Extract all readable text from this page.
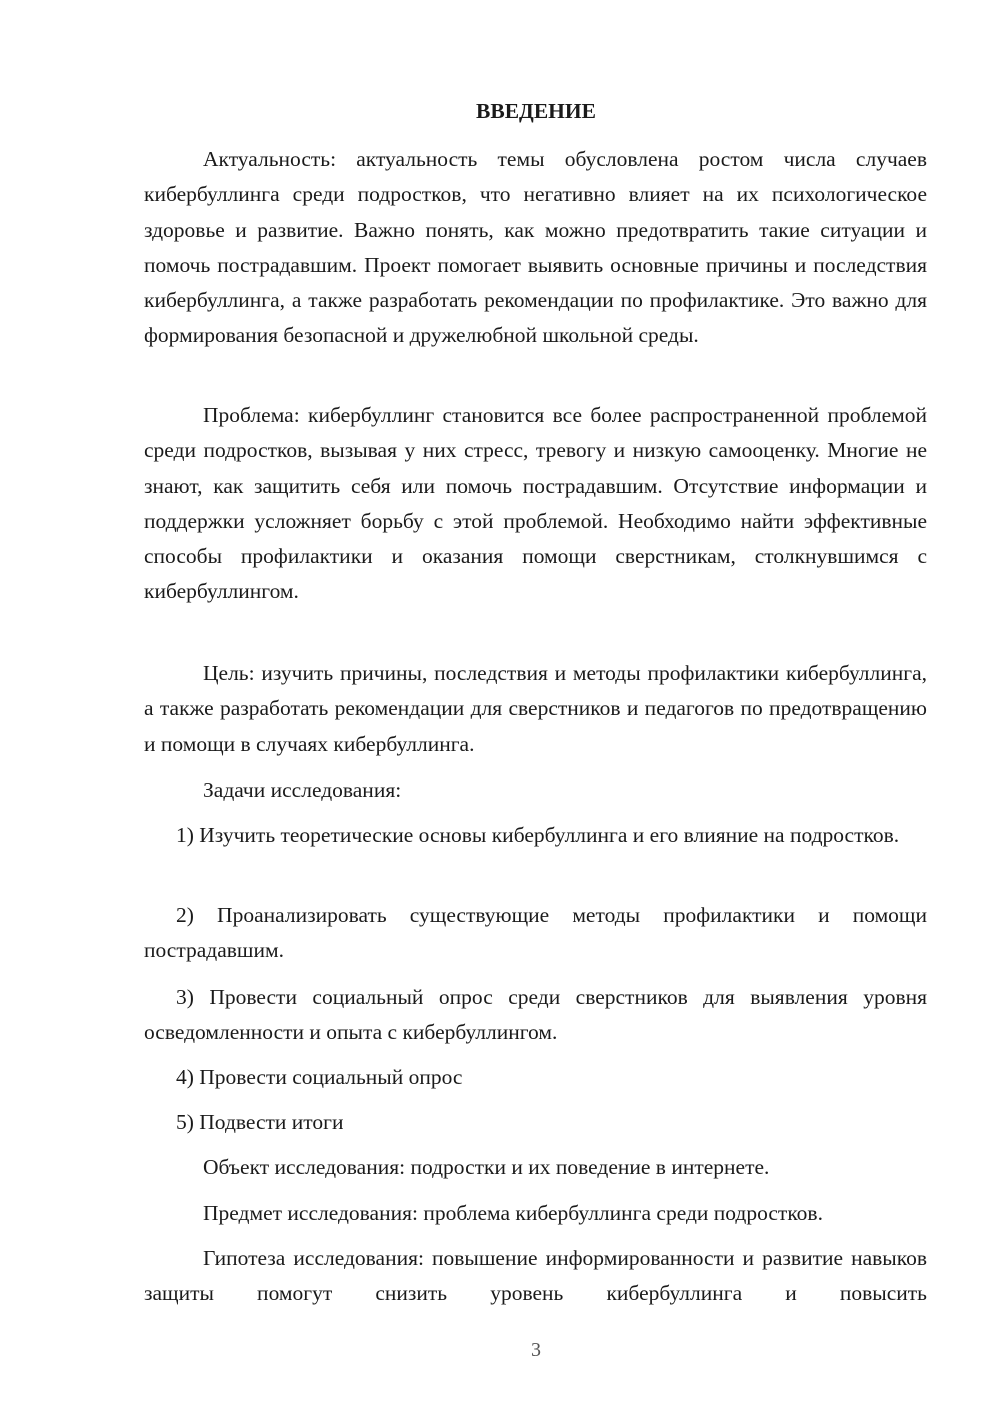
ВВЕДЕНИЕ

Актуальность: актуальность темы обусловлена ростом числа случаев кибербуллинга среди подростков, что негативно влияет на их психологическое здоровье и развитие. Важно понять, как можно предотвратить такие ситуации и помочь пострадавшим. Проект помогает выявить основные причины и последствия кибербуллинга, а также разработать рекомендации по профилактике. Это важно для формирования безопасной и дружелюбной школьной среды.

Проблема: кибербуллинг становится все более распространенной проблемой среди подростков, вызывая у них стресс, тревогу и низкую самооценку. Многие не знают, как защитить себя или помочь пострадавшим. Отсутствие информации и поддержки усложняет борьбу с этой проблемой. Необходимо найти эффективные способы профилактики и оказания помощи сверстникам, столкнувшимся с кибербуллингом.

Цель: изучить причины, последствия и методы профилактики кибербуллинга, а также разработать рекомендации для сверстников и педагогов по предотвращению и помощи в случаях кибербуллинга.

Задачи исследования:

1) Изучить теоретические основы кибербуллинга и его влияние на подростков.

2) Проанализировать существующие методы профилактики и помощи пострадавшим.

3) Провести социальный опрос среди сверстников для выявления уровня осведомленности и опыта с кибербуллингом.

4) Провести социальный опрос

5) Подвести итоги

Объект исследования: подростки и их поведение в интернете.

Предмет исследования: проблема кибербуллинга среди подростков.

Гипотеза исследования: повышение информированности и развитие навыков защиты помогут снизить уровень кибербуллинга и повысить

3
